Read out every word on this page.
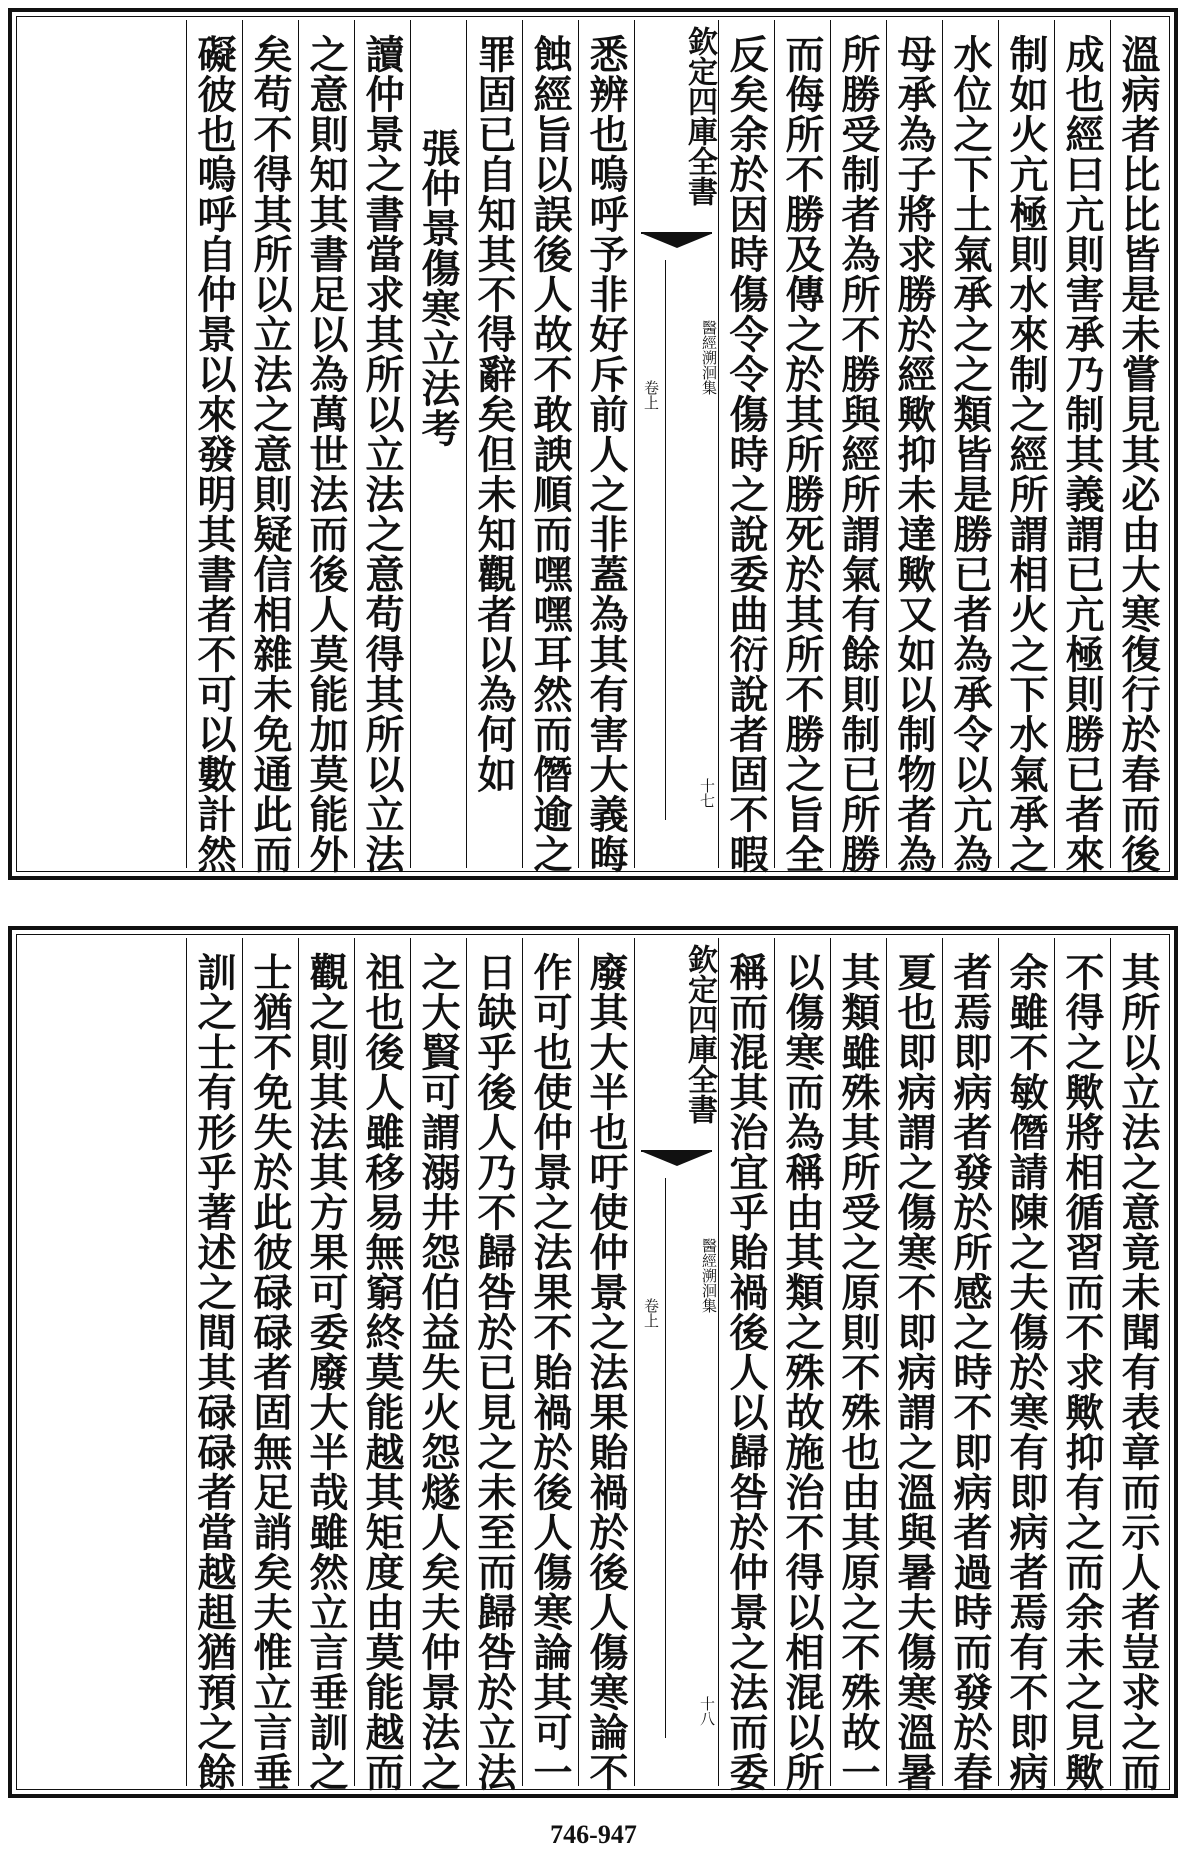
溫病者比比皆是未嘗見其必由大寒復行於春而後
成也經曰亢則害承乃制其義謂已亢極則勝已者來
制如火亢極則水來制之經所謂相火之下水氣承之
水位之下土氣承之之類皆是勝已者為承令以亢為
母承為子將求勝於經歟抑未達歟又如以制物者為
所勝受制者為所不勝與經所謂氣有餘則制已所勝
而侮所不勝及傳之於其所勝死於其所不勝之旨全
反矣余於因時傷令令傷時之說委曲衍說者固不暇
欽定四庫全書
醫經溯洄集
卷上
十七
悉辨也嗚呼予非好斥前人之非蓋為其有害大義晦
蝕經旨以誤後人故不敢諛順而嘿嘿耳然而僭逾之
罪固已自知其不得辭矣但未知觀者以為何如
張仲景傷寒立法考
讀仲景之書當求其所以立法之意苟得其所以立法
之意則知其書足以為萬世法而後人莫能加莫能外
矣苟不得其所以立法之意則疑信相雜未免通此而
礙彼也嗚呼自仲景以來發明其書者不可以數計然
其所以立法之意竟未聞有表章而示人者豈求之而
不得之歟將相循習而不求歟抑有之而余未之見歟
余雖不敏僭請陳之夫傷於寒有即病者焉有不即病
者焉即病者發於所感之時不即病者過時而發於春
夏也即病謂之傷寒不即病謂之溫與暑夫傷寒溫暑
其類雖殊其所受之原則不殊也由其原之不殊故一
以傷寒而為稱由其類之殊故施治不得以相混以所
稱而混其治宜乎貽禍後人以歸咎於仲景之法而委
欽定四庫全書
醫經溯洄集
卷上
十八
廢其大半也吁使仲景之法果貽禍於後人傷寒論不
作可也使仲景之法果不貽禍於後人傷寒論其可一
日缺乎後人乃不歸咎於已見之未至而歸咎於立法
之大賢可謂溺井怨伯益失火怨燧人矣夫仲景法之
祖也後人雖移易無窮終莫能越其矩度由莫能越而
觀之則其法其方果可委廢大半哉雖然立言垂訓之
士猶不免失於此彼碌碌者固無足誚矣夫惟立言垂
訓之士有形乎著述之間其碌碌者當越趄猶預之餘
746-947
